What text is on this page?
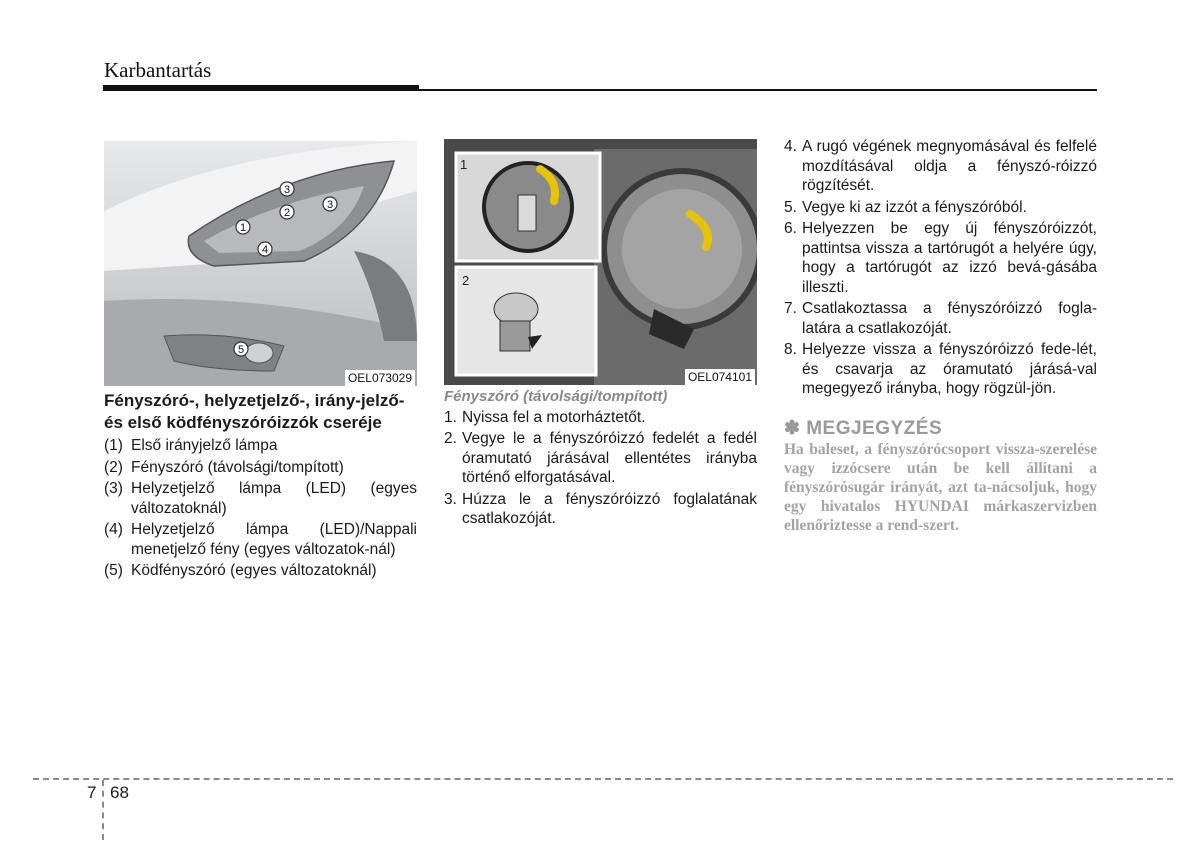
Karbantartás
3
2
3
1
4
5
OEL073029
1
2
OEL074101
Fényszóró-, helyzetjelző-, irány-jelző- és első ködfényszóróizzók cseréje
(1) Első irányjelző lámpa
(2) Fényszóró (távolsági/tompított)
(3) Helyzetjelző lámpa (LED) (egyes változatoknál)
(4) Helyzetjelző lámpa (LED)/Nappali menetjelző fény (egyes változatok-nál)
(5) Ködfényszóró (egyes változatoknál)
Fényszóró (távolsági/tompított)
1. Nyissa fel a motorháztetőt.
2. Vegye le a fényszóróizzó fedelét a fedél óramutató járásával ellentétes irányba történő elforgatásával.
3. Húzza le a fényszóróizzó foglalatának csatlakozóját.
4. A rugó végének megnyomásával és felfelé mozdításával oldja a fényszó-róizzó rögzítését.
5. Vegye ki az izzót a fényszóróból.
6. Helyezzen be egy új fényszóróizzót, pattintsa vissza a tartórugót a helyére úgy, hogy a tartórugót az izzó bevá-gásába illeszti.
7. Csatlakoztassa a fényszóróizzó fogla-latára a csatlakozóját.
8. Helyezze vissza a fényszóróizzó fede-lét, és csavarja az óramutató járásá-val megegyező irányba, hogy rögzül-jön.
✽ MEGJEGYZÉS
Ha baleset, a fényszórócsoport vissza-szerelése vagy izzócsere után be kell állítani a fényszórósugár irányát, azt ta-nácsoljuk, hogy egy hivatalos HYUNDAI márkaszervizben ellenőriztesse a rend-szert.
7 68
